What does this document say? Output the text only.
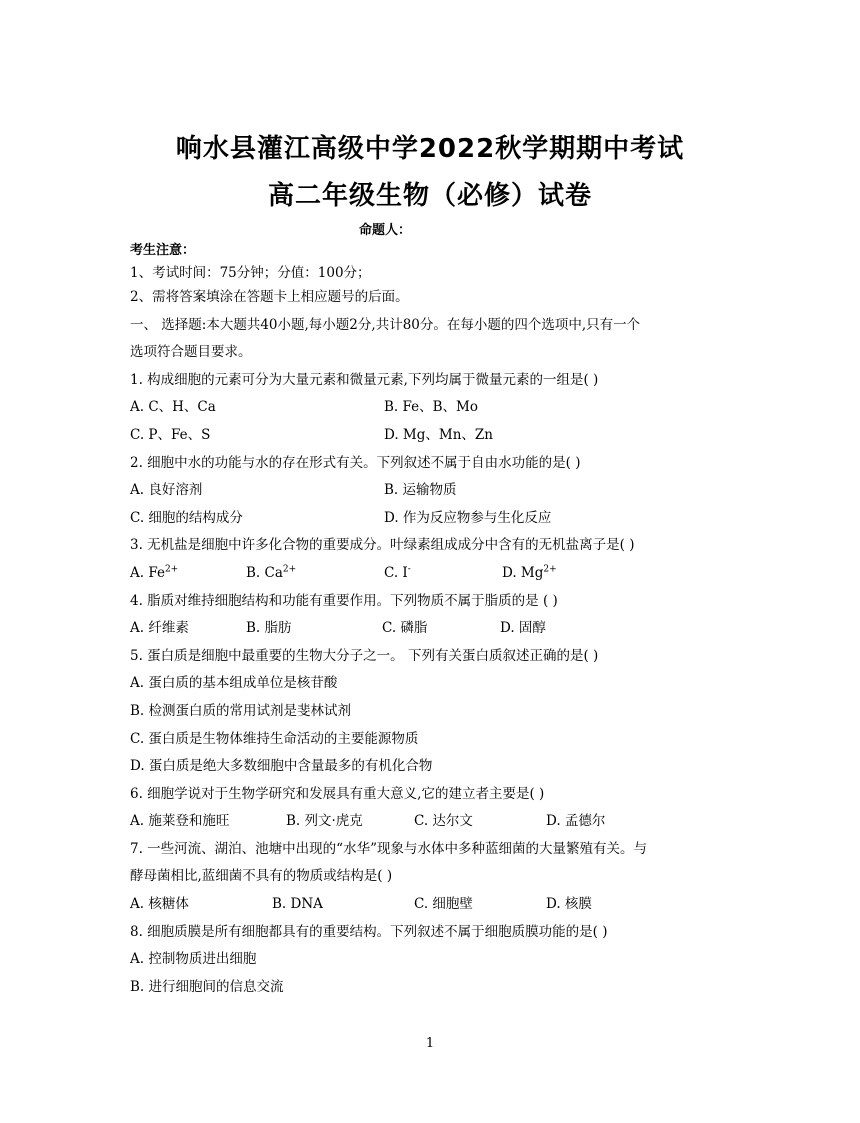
响水县灌江高级中学2022秋学期期中考试
高二年级生物（必修）试卷
命题人：
考生注意：
1、考试时间：75分钟；分值：100分；
2、需将答案填涂在答题卡上相应题号的后面。
一、 选择题:本大题共40小题,每小题2分,共计80分。在每小题的四个选项中,只有一个
选项符合题目要求。
1. 构成细胞的元素可分为大量元素和微量元素,下列均属于微量元素的一组是( )
A. C、H、Ca	B. Fe、B、Mo
C. P、Fe、S	D. Mg、Mn、Zn
2. 细胞中水的功能与水的存在形式有关。下列叙述不属于自由水功能的是( )
A. 良好溶剂	B. 运输物质
C. 细胞的结构成分	D. 作为反应物参与生化反应
3. 无机盐是细胞中许多化合物的重要成分。叶绿素组成成分中含有的无机盐离子是( )
A. $Fe^{2+}$	B. $Ca^{2+}$	C. I-	D. $Mg^{2+}$
4. 脂质对维持细胞结构和功能有重要作用。下列物质不属于脂质的是 ( )
A. 纤维素	B. 脂肪	C. 磷脂	D. 固醇
5. 蛋白质是细胞中最重要的生物大分子之一。 下列有关蛋白质叙述正确的是( )
A. 蛋白质的基本组成单位是核苷酸
B. 检测蛋白质的常用试剂是斐林试剂
C. 蛋白质是生物体维持生命活动的主要能源物质
D. 蛋白质是绝大多数细胞中含量最多的有机化合物
6. 细胞学说对于生物学研究和发展具有重大意义,它的建立者主要是( )
A. 施莱登和施旺	B. 列文·虎克	C. 达尔文	D. 孟德尔
7. 一些河流、湖泊、池塘中出现的“水华”现象与水体中多种蓝细菌的大量繁殖有关。与
酵母菌相比,蓝细菌不具有的物质或结构是( )
A. 核糖体	B. DNA	C. 细胞壁	D. 核膜
8. 细胞质膜是所有细胞都具有的重要结构。下列叙述不属于细胞质膜功能的是( )
A. 控制物质进出细胞
B. 进行细胞间的信息交流
1
